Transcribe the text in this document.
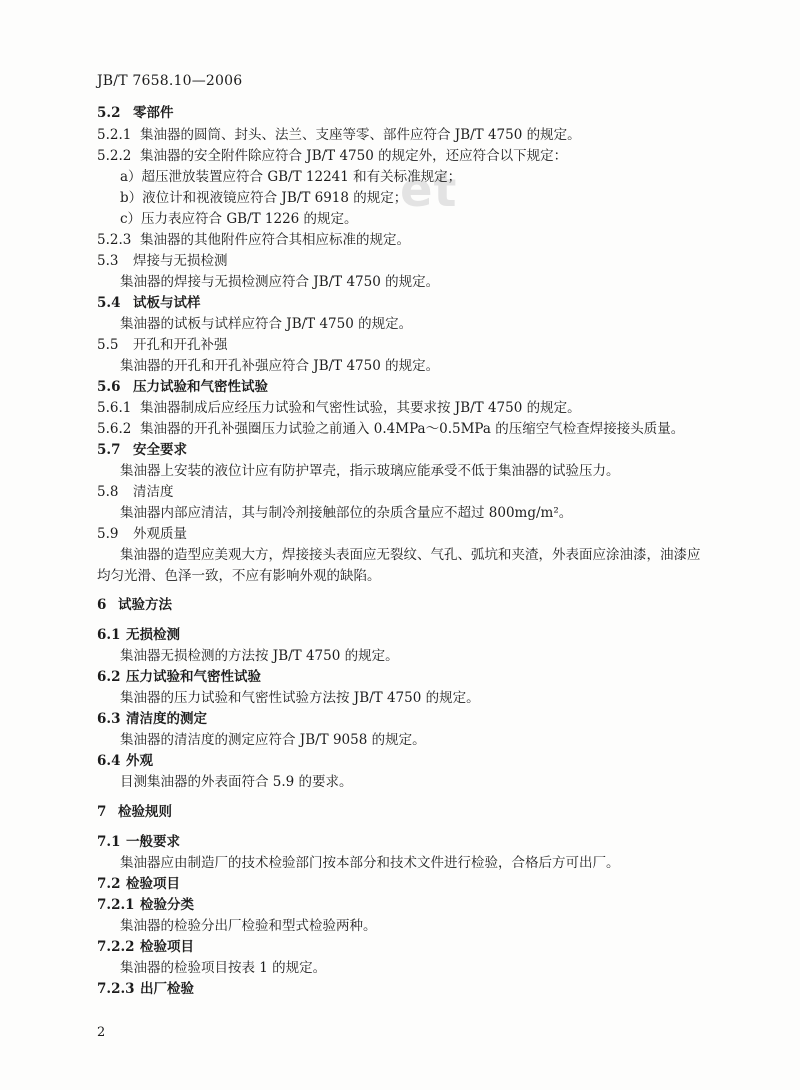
JB/T 7658.10—2006
et
5.2 零部件
5.2.1 集油器的圆筒、封头、法兰、支座等零、部件应符合 JB/T 4750 的规定。
5.2.2 集油器的安全附件除应符合 JB/T 4750 的规定外，还应符合以下规定：
a）超压泄放装置应符合 GB/T 12241 和有关标准规定；
b）液位计和视液镜应符合 JB/T 6918 的规定；
c）压力表应符合 GB/T 1226 的规定。
5.2.3 集油器的其他附件应符合其相应标准的规定。
5.3 焊接与无损检测
集油器的焊接与无损检测应符合 JB/T 4750 的规定。
5.4 试板与试样
集油器的试板与试样应符合 JB/T 4750 的规定。
5.5 开孔和开孔补强
集油器的开孔和开孔补强应符合 JB/T 4750 的规定。
5.6 压力试验和气密性试验
5.6.1 集油器制成后应经压力试验和气密性试验，其要求按 JB/T 4750 的规定。
5.6.2 集油器的开孔补强圈压力试验之前通入 0.4MPa～0.5MPa 的压缩空气检查焊接接头质量。
5.7 安全要求
集油器上安装的液位计应有防护罩壳，指示玻璃应能承受不低于集油器的试验压力。
5.8 清洁度
集油器内部应清洁，其与制冷剂接触部位的杂质含量应不超过 800mg/m²。
5.9 外观质量
集油器的造型应美观大方，焊接接头表面应无裂纹、气孔、弧坑和夹渣，外表面应涂油漆，油漆应
均匀光滑、色泽一致，不应有影响外观的缺陷。
6 试验方法
6.1 无损检测
集油器无损检测的方法按 JB/T 4750 的规定。
6.2 压力试验和气密性试验
集油器的压力试验和气密性试验方法按 JB/T 4750 的规定。
6.3 清洁度的测定
集油器的清洁度的测定应符合 JB/T 9058 的规定。
6.4 外观
目测集油器的外表面符合 5.9 的要求。
7 检验规则
7.1 一般要求
集油器应由制造厂的技术检验部门按本部分和技术文件进行检验，合格后方可出厂。
7.2 检验项目
7.2.1 检验分类
集油器的检验分出厂检验和型式检验两种。
7.2.2 检验项目
集油器的检验项目按表 1 的规定。
7.2.3 出厂检验
2
